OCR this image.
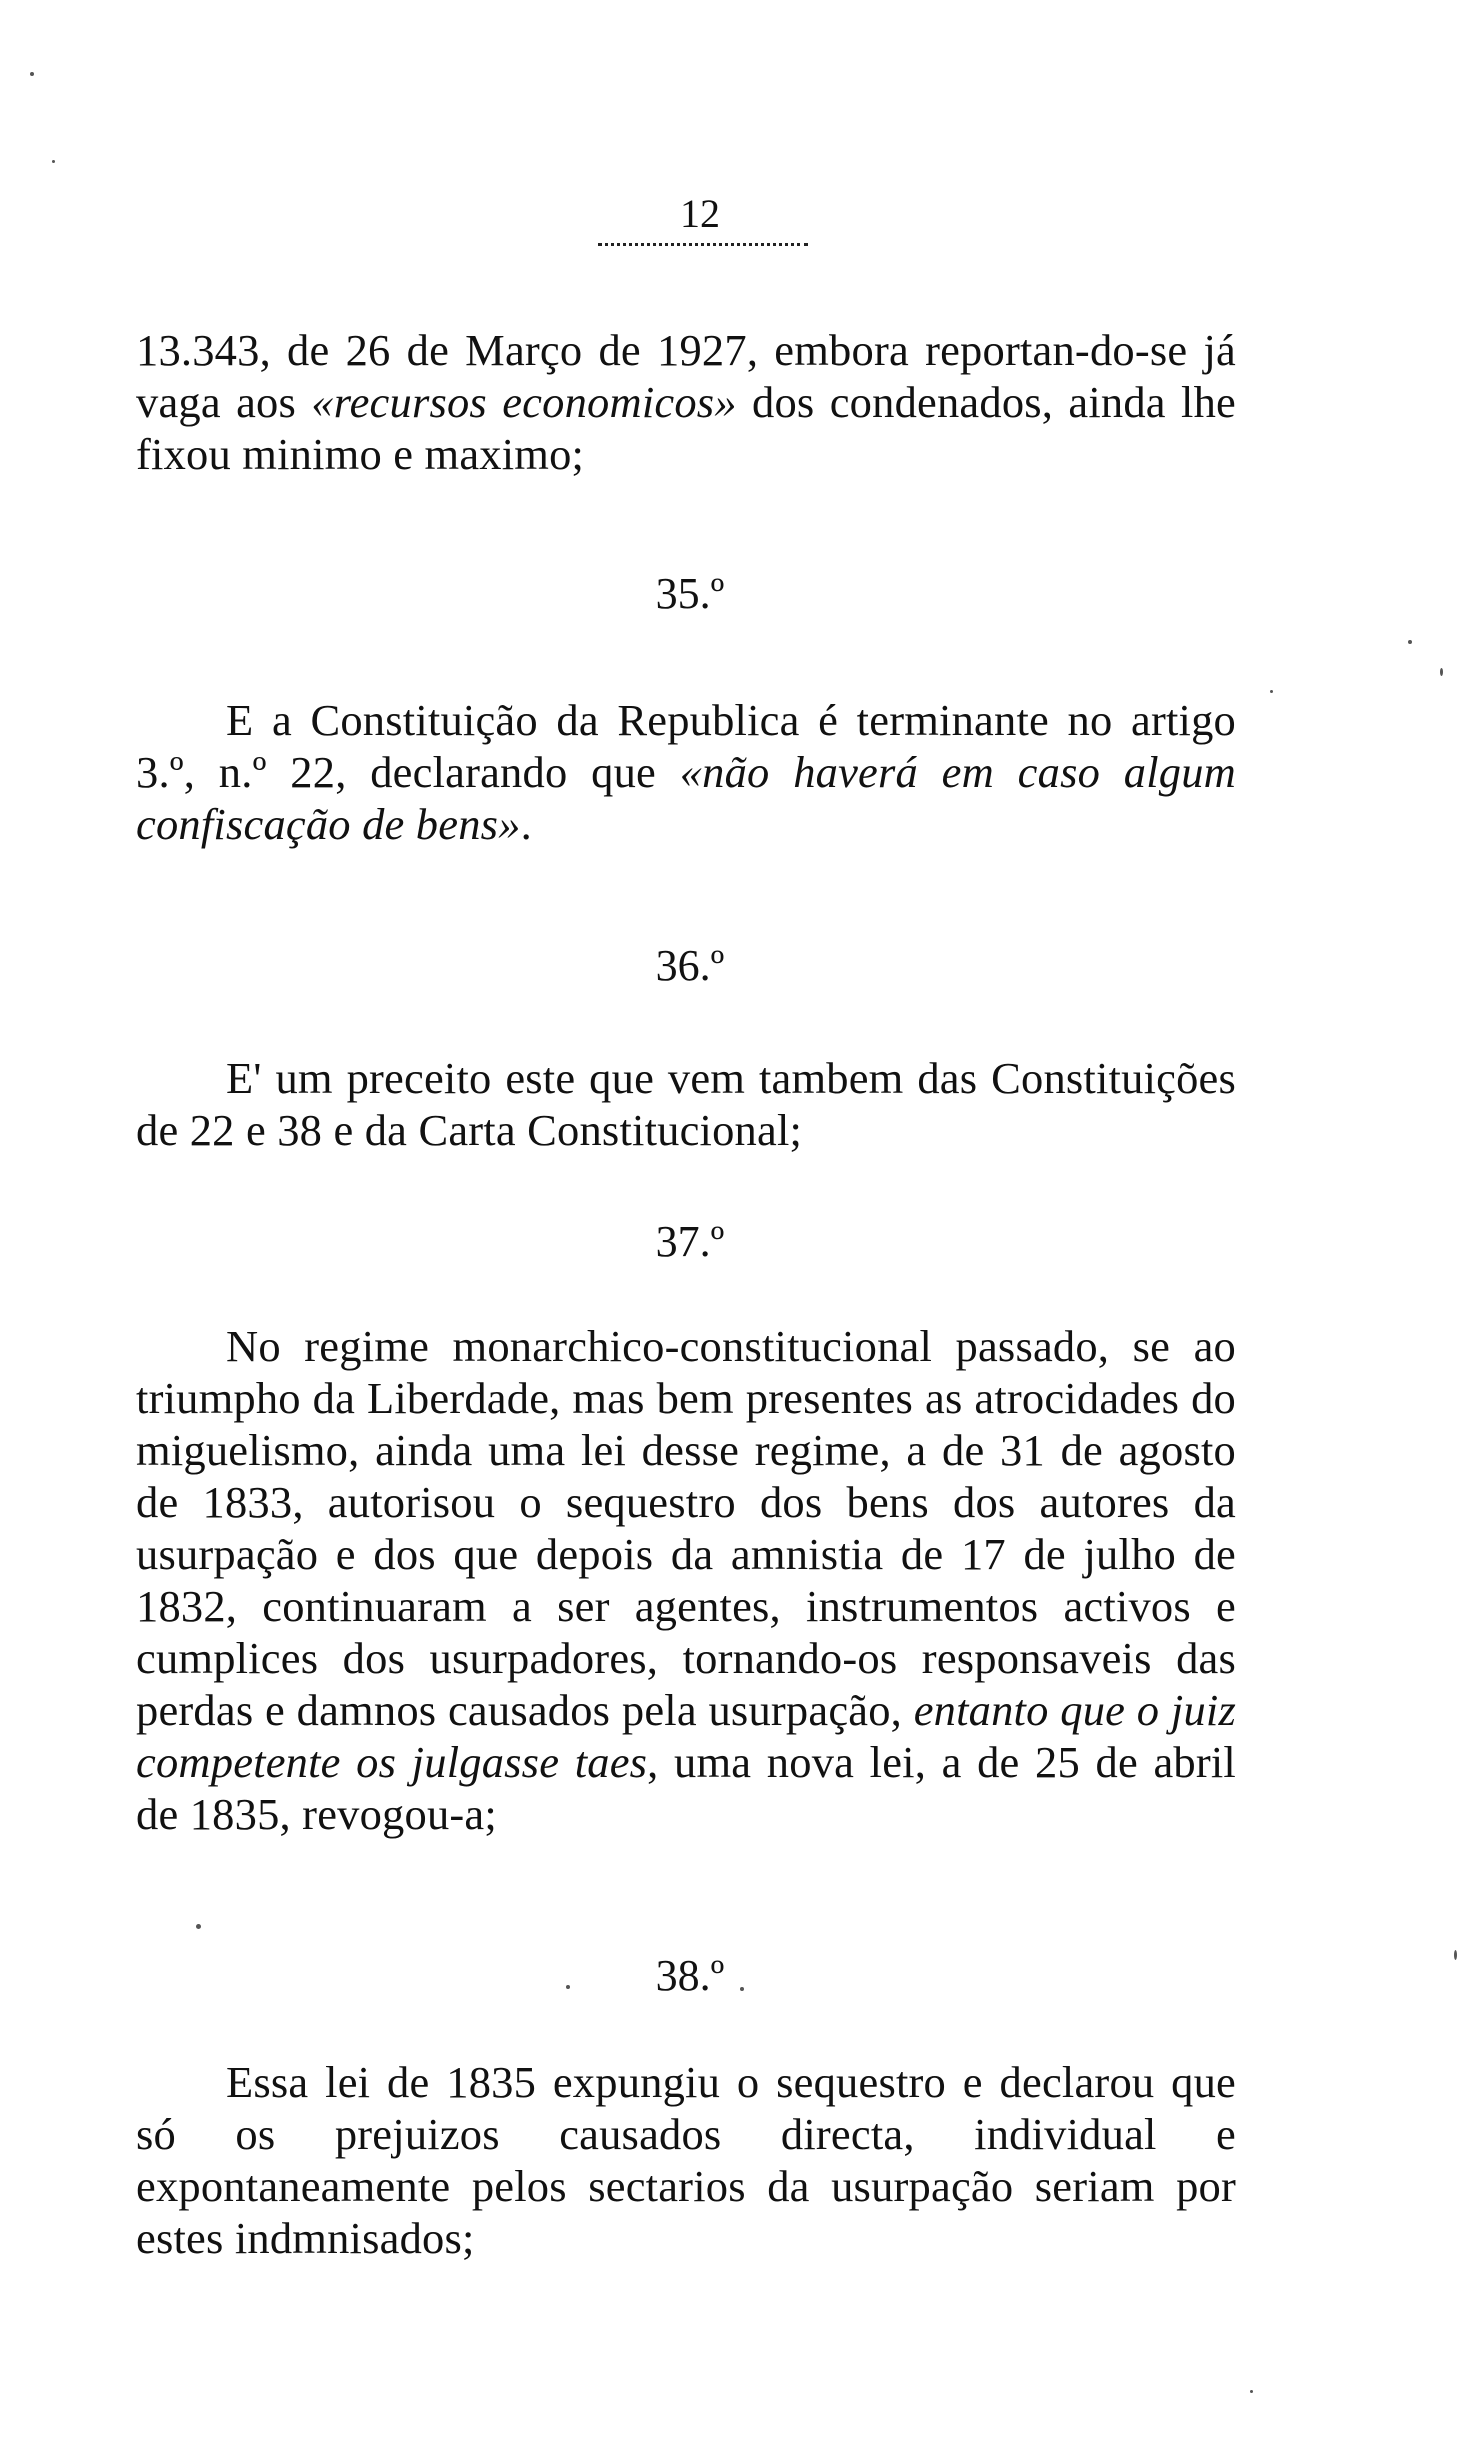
12

13.343, de 26 de Março de 1927, embora reportan-do-se já vaga aos «recursos economicos» dos condenados, ainda lhe fixou minimo e maximo;

35.º

E a Constituição da Republica é terminante no artigo 3.º, n.º 22, declarando que «não haverá em caso algum confiscação de bens».

36.º

E' um preceito este que vem tambem das Constituições de 22 e 38 e da Carta Constitucional;

37.º

No regime monarchico-constitucional passado, se ao triumpho da Liberdade, mas bem presentes as atrocidades do miguelismo, ainda uma lei desse regime, a de 31 de agosto de 1833, autorisou o sequestro dos bens dos autores da usurpação e dos que depois da amnistia de 17 de julho de 1832, continuaram a ser agentes, instrumentos activos e cumplices dos usurpadores, tornando-os responsaveis das perdas e damnos causados pela usurpação, entanto que o juiz competente os julgasse taes, uma nova lei, a de 25 de abril de 1835, revogou-a;

38.º

Essa lei de 1835 expungiu o sequestro e declarou que só os prejuizos causados directa, individual e expontaneamente pelos sectarios da usurpação seriam por estes indmnisados;
